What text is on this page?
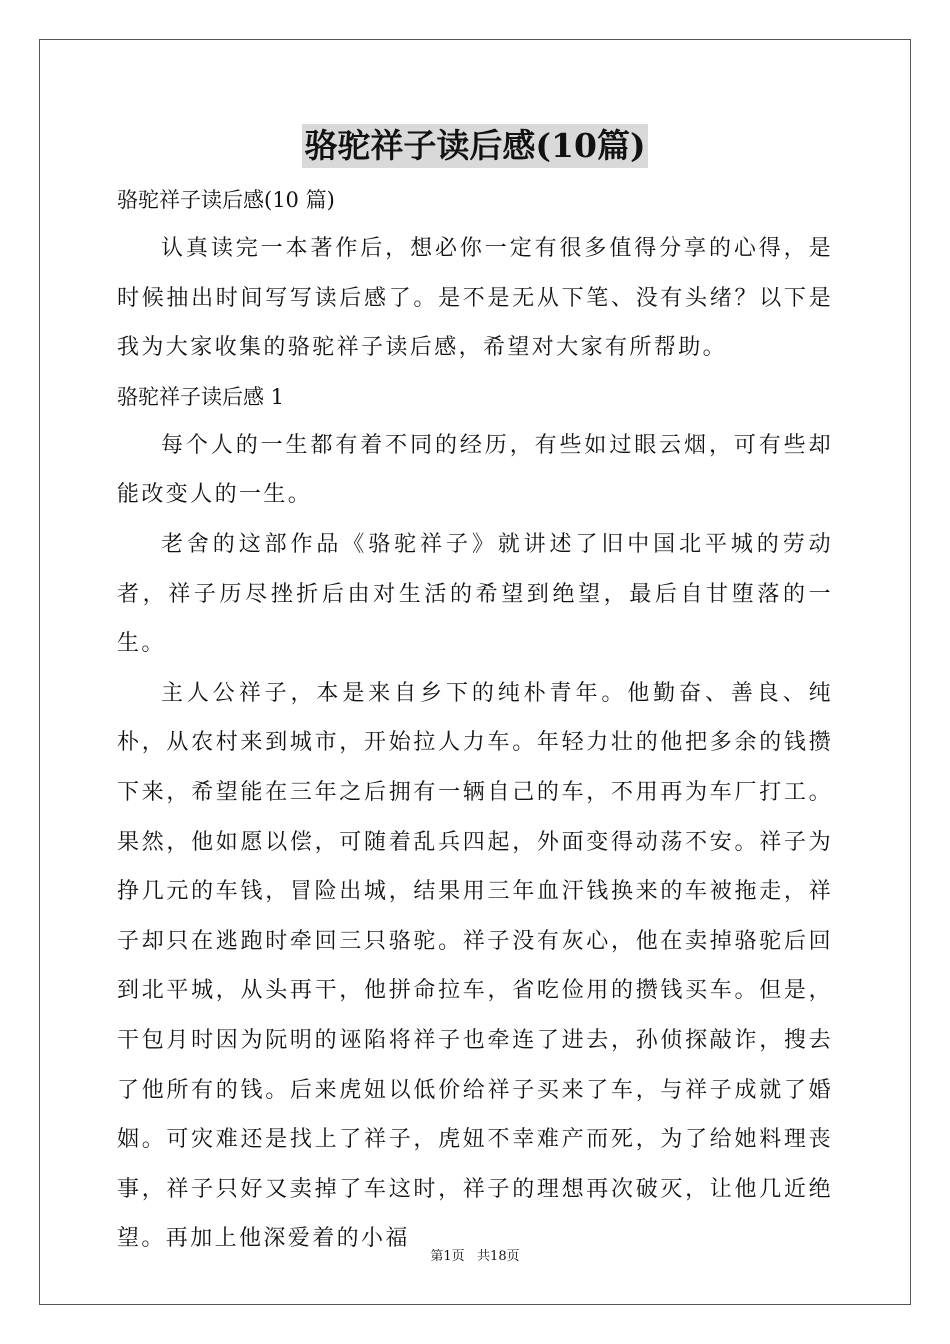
骆驼祥子读后感(10篇)

骆驼祥子读后感(10 篇)

认真读完一本著作后，想必你一定有很多值得分享的心得，是时候抽出时间写写读后感了。是不是无从下笔、没有头绪？以下是我为大家收集的骆驼祥子读后感，希望对大家有所帮助。

骆驼祥子读后感 1

每个人的一生都有着不同的经历，有些如过眼云烟，可有些却能改变人的一生。

老舍的这部作品《骆驼祥子》就讲述了旧中国北平城的劳动者，祥子历尽挫折后由对生活的希望到绝望，最后自甘堕落的一生。

主人公祥子，本是来自乡下的纯朴青年。他勤奋、善良、纯朴，从农村来到城市，开始拉人力车。年轻力壮的他把多余的钱攒下来，希望能在三年之后拥有一辆自己的车，不用再为车厂打工。果然，他如愿以偿，可随着乱兵四起，外面变得动荡不安。祥子为挣几元的车钱，冒险出城，结果用三年血汗钱换来的车被拖走，祥子却只在逃跑时牵回三只骆驼。祥子没有灰心，他在卖掉骆驼后回到北平城，从头再干，他拼命拉车，省吃俭用的攒钱买车。但是，干包月时因为阮明的诬陷将祥子也牵连了进去，孙侦探敲诈，搜去了他所有的钱。后来虎妞以低价给祥子买来了车，与祥子成就了婚姻。可灾难还是找上了祥子，虎妞不幸难产而死，为了给她料理丧事，祥子只好又卖掉了车这时，祥子的理想再次破灭，让他几近绝望。再加上他深爱着的小福

第1页   共18页
